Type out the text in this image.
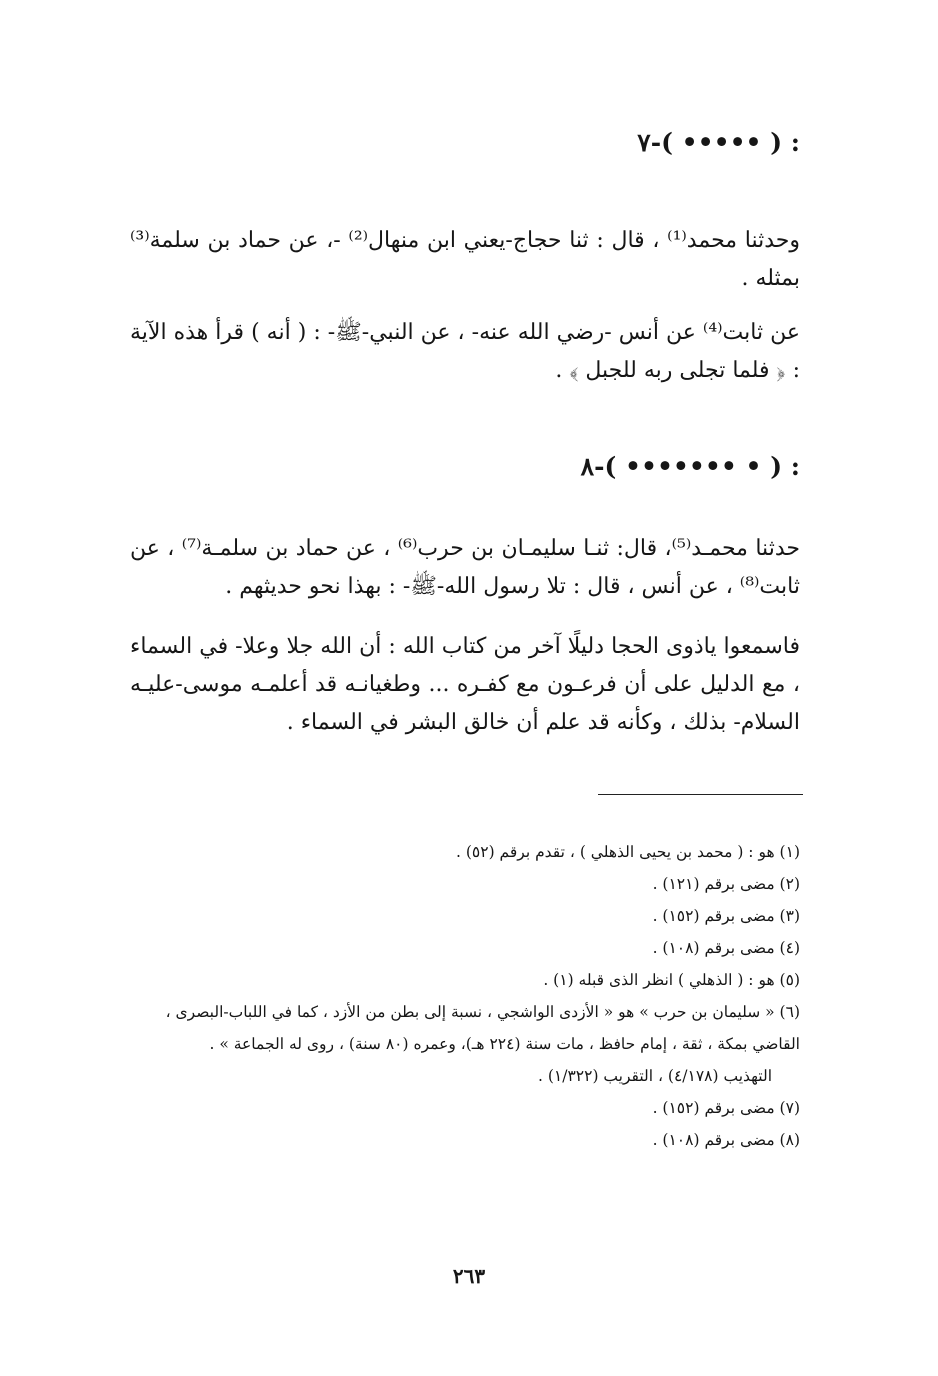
٧-( ••••• ) :
وحدثنا محمد⁽¹⁾ ، قال : ثنا حجاج-يعني ابن منهال⁽²⁾ -، عن حماد بن سلمة⁽³⁾ بمثله .
عن ثابت⁽⁴⁾ عن أنس -رضي الله عنه- ، عن النبي-ﷺ- : ( أنه ) قرأ هذه الآية : ﴿ فلما تجلى ربه للجبل ﴾ .
٨-( ••••••• • ) :
حدثنا محمـد⁽⁵⁾، قال: ثنـا سليمـان بن حرب⁽⁶⁾ ، عن حماد بن سلمـة⁽⁷⁾ ، عن ثابت⁽⁸⁾ ، عن أنس ، قال : تلا رسول الله-ﷺ- : بهذا نحو حديثهم .
فاسمعوا ياذوى الحجا دليلًا آخر من كتاب الله : أن الله جلا وعلا- في السماء ، مع الدليل على أن فرعـون مع كفـره ... وطغيانـه قد أعلمـه موسى-عليـه السلام- بذلك ، وكأنه قد علم أن خالق البشر في السماء .
(١) هو : ( محمد بن يحيى الذهلي ) ، تقدم برقم (٥٢) .
(٢) مضى برقم (١٢١) .
(٣) مضى برقم (١٥٢) .
(٤) مضى برقم (١٠٨) .
(٥) هو : ( الذهلي ) انظر الذى قبله (١) .
(٦) « سليمان بن حرب » هو « الأزدى الواشجي ، نسبة إلى بطن من الأزد ، كما في اللباب-البصرى ،
القاضي بمكة ، ثقة ، إمام حافظ ، مات سنة (٢٢٤ هـ)، وعمره (٨٠ سنة) ، روى له الجماعة » .
التهذيب (٤/١٧٨) ، التقريب (١/٣٢٢) .
(٧) مضى برقم (١٥٢) .
(٨) مضى برقم (١٠٨) .
٢٦٣
